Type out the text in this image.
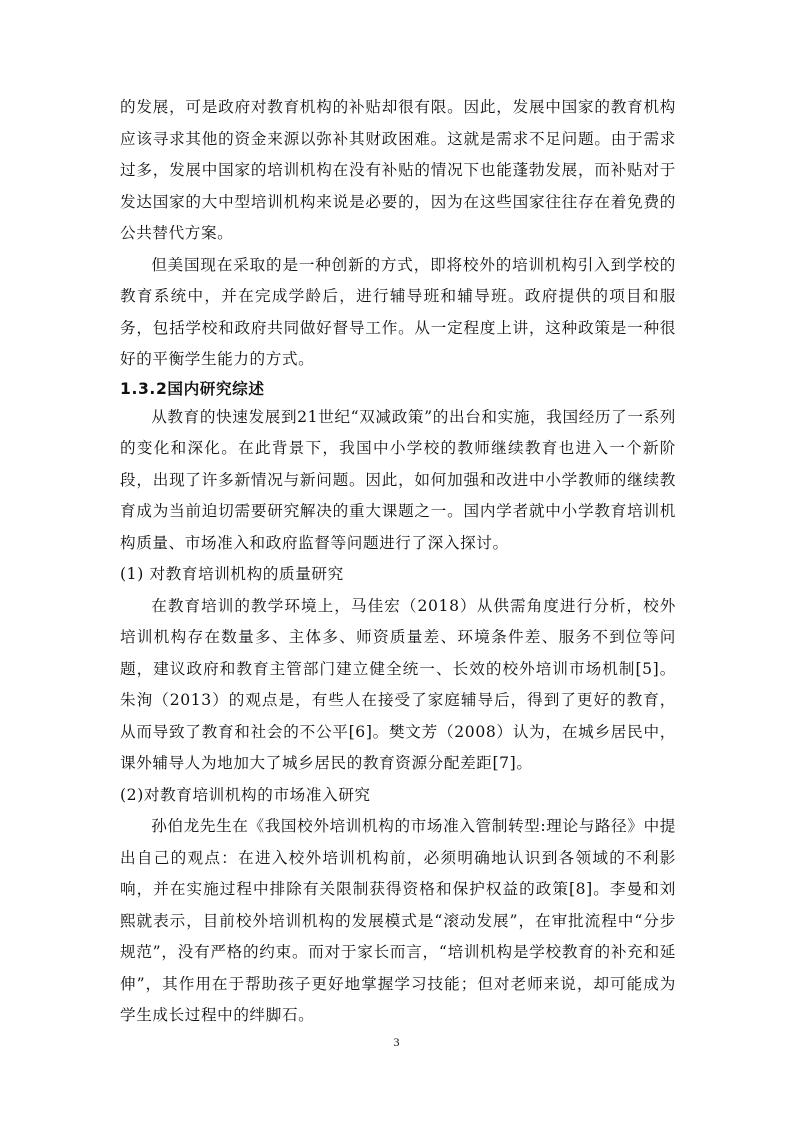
的发展，可是政府对教育机构的补贴却很有限。因此，发展中国家的教育机构应该寻求其他的资金来源以弥补其财政困难。这就是需求不足问题。由于需求过多，发展中国家的培训机构在没有补贴的情况下也能蓬勃发展，而补贴对于发达国家的大中型培训机构来说是必要的，因为在这些国家往往存在着免费的公共替代方案。

但美国现在采取的是一种创新的方式，即将校外的培训机构引入到学校的教育系统中，并在完成学龄后，进行辅导班和辅导班。政府提供的项目和服务，包括学校和政府共同做好督导工作。从一定程度上讲，这种政策是一种很好的平衡学生能力的方式。

1.3.2国内研究综述

从教育的快速发展到21世纪“双减政策”的出台和实施，我国经历了一系列的变化和深化。在此背景下，我国中小学校的教师继续教育也进入一个新阶段，出现了许多新情况与新问题。因此，如何加强和改进中小学教师的继续教育成为当前迫切需要研究解决的重大课题之一。国内学者就中小学教育培训机构质量、市场准入和政府监督等问题进行了深入探讨。

(1) 对教育培训机构的质量研究

在教育培训的教学环境上，马佳宏（2018）从供需角度进行分析，校外培训机构存在数量多、主体多、师资质量差、环境条件差、服务不到位等问题，建议政府和教育主管部门建立健全统一、长效的校外培训市场机制[5]。朱洵（2013）的观点是，有些人在接受了家庭辅导后，得到了更好的教育，从而导致了教育和社会的不公平[6]。樊文芳（2008）认为，在城乡居民中，课外辅导人为地加大了城乡居民的教育资源分配差距[7]。

(2)对教育培训机构的市场准入研究

孙伯龙先生在《我国校外培训机构的市场准入管制转型:理论与路径》中提出自己的观点：在进入校外培训机构前，必须明确地认识到各领域的不利影响，并在实施过程中排除有关限制获得资格和保护权益的政策[8]。李曼和刘熙就表示，目前校外培训机构的发展模式是“滚动发展”，在审批流程中“分步规范”，没有严格的约束。而对于家长而言，“培训机构是学校教育的补充和延伸”，其作用在于帮助孩子更好地掌握学习技能；但对老师来说，却可能成为学生成长过程中的绊脚石。

3
